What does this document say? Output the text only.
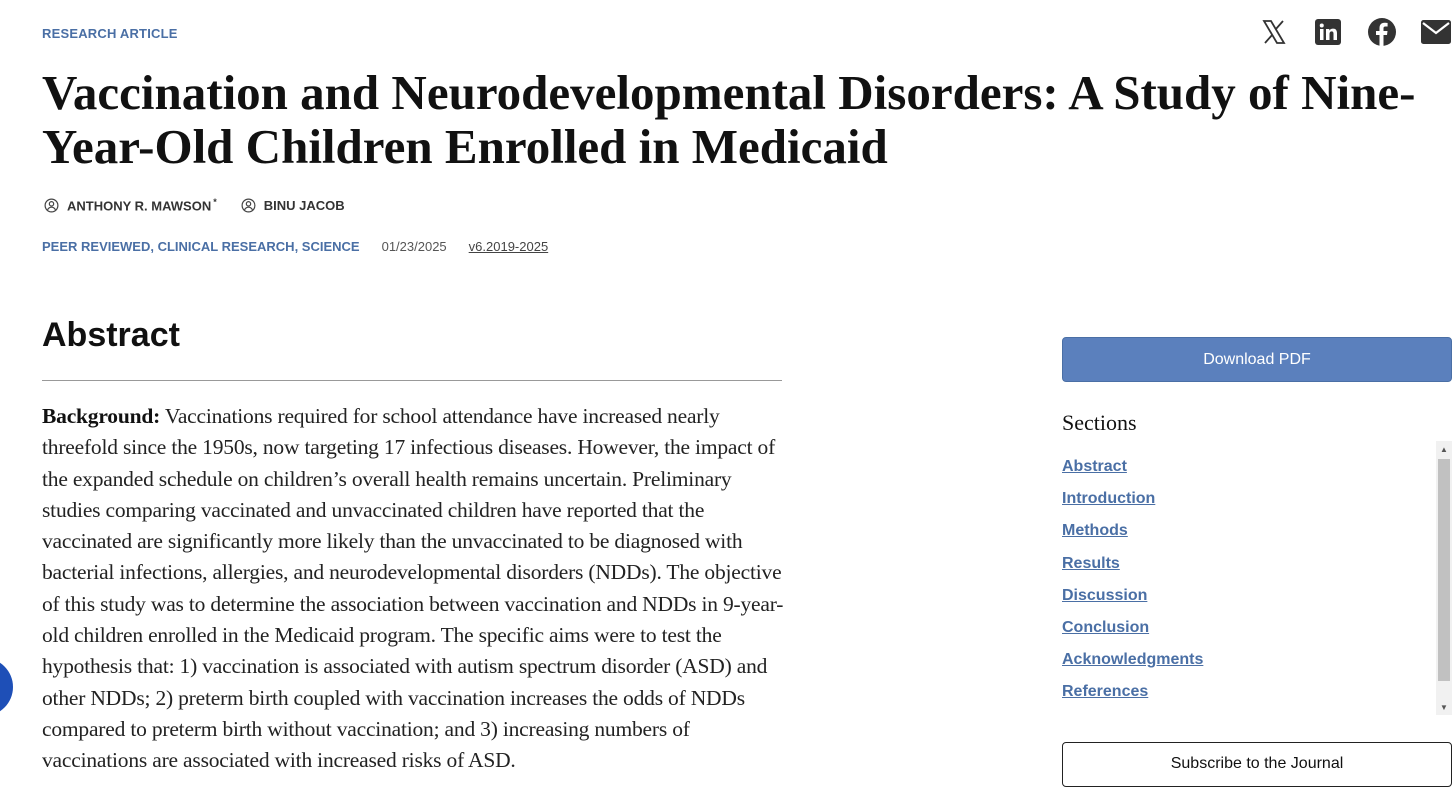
RESEARCH ARTICLE
Vaccination and Neurodevelopmental Disorders: A Study of Nine-Year-Old Children Enrolled in Medicaid
ANTHONY R. MAWSON *	BINU JACOB
PEER REVIEWED, CLINICAL RESEARCH, SCIENCE 01/23/2025 v6.2019-2025
Abstract

Background: Vaccinations required for school attendance have increased nearly threefold since the 1950s, now targeting 17 infectious diseases. However, the impact of the expanded schedule on children’s overall health remains uncertain. Preliminary studies comparing vaccinated and unvaccinated children have reported that the vaccinated are significantly more likely than the unvaccinated to be diagnosed with bacterial infections, allergies, and neurodevelopmental disorders (NDDs). The objective of this study was to determine the association between vaccination and NDDs in 9-year-old children enrolled in the Medicaid program. The specific aims were to test the hypothesis that: 1) vaccination is associated with autism spectrum disorder (ASD) and other NDDs; 2) preterm birth coupled with vaccination increases the odds of NDDs compared to preterm birth without vaccination; and 3) increasing numbers of vaccinations are associated with increased risks of ASD.

Download PDF
Sections
Abstract
Introduction
Methods
Results
Discussion
Conclusion
Acknowledgments
References
▲
▼
Subscribe to the Journal
